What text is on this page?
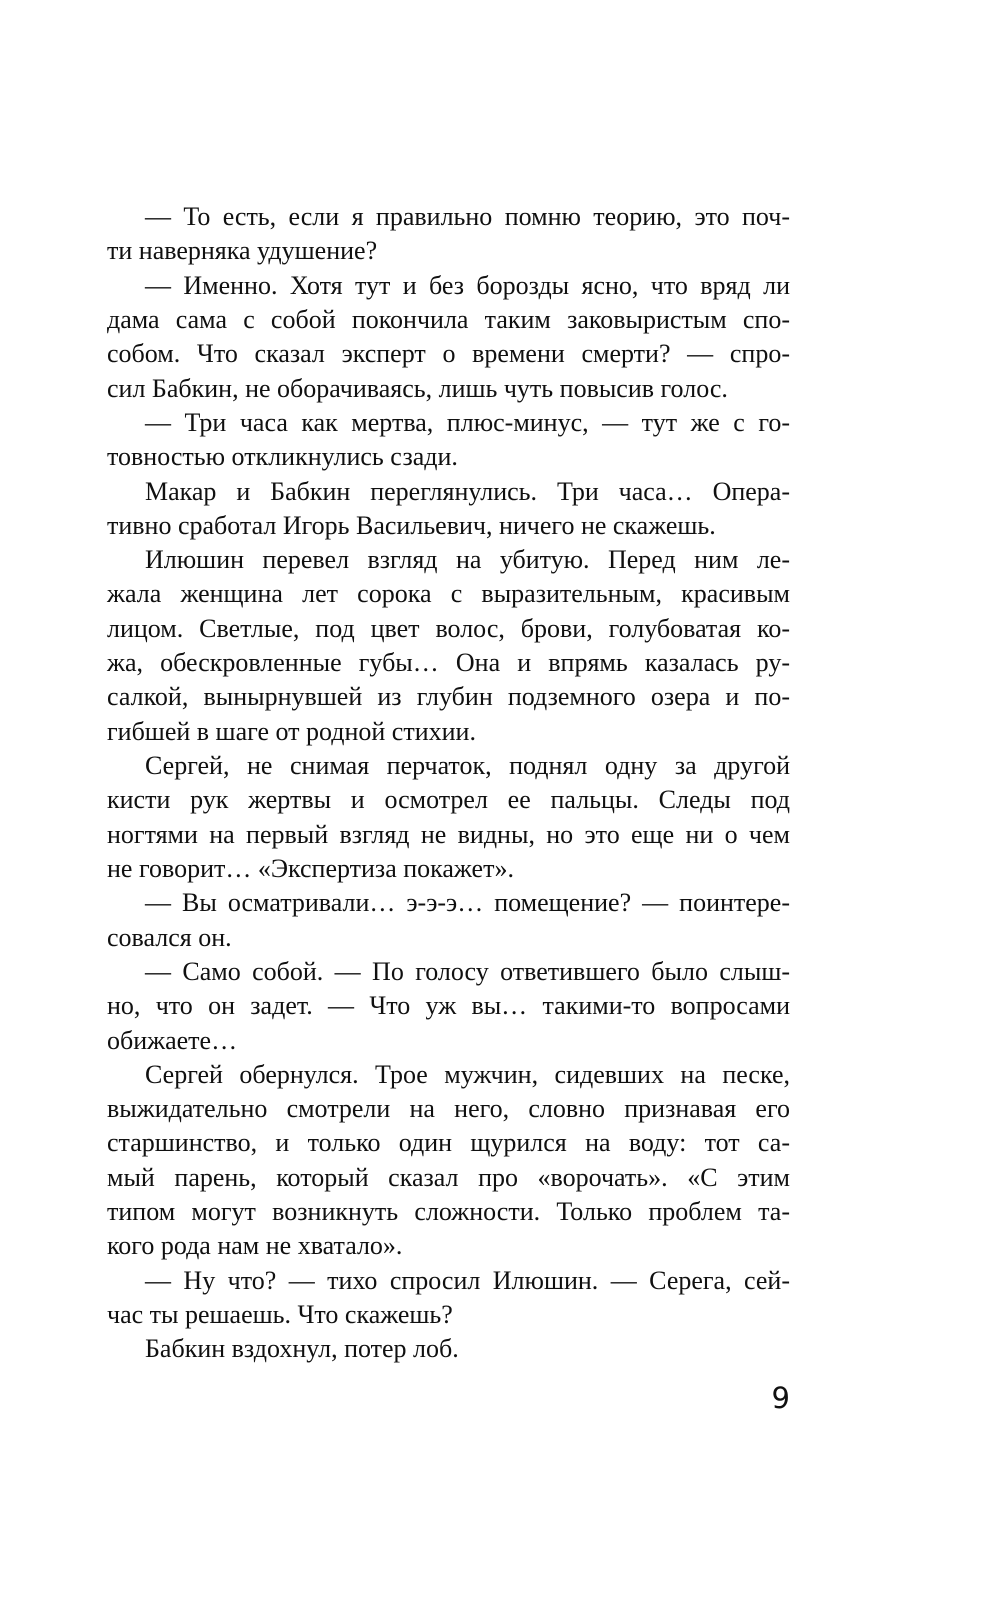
— То есть, если я правильно помню теорию, это поч-
ти наверняка удушение?
— Именно. Хотя тут и без борозды ясно, что вряд ли
дама сама с собой покончила таким заковыристым спо-
собом. Что сказал эксперт о времени смерти? — спро-
сил Бабкин, не оборачиваясь, лишь чуть повысив голос.
— Три часа как мертва, плюс-минус, — тут же с го-
товностью откликнулись сзади.
Макар и Бабкин переглянулись. Три часа… Опера-
тивно сработал Игорь Васильевич, ничего не скажешь.
Илюшин перевел взгляд на убитую. Перед ним ле-
жала женщина лет сорока с выразительным, красивым
лицом. Светлые, под цвет волос, брови, голубоватая ко-
жа, обескровленные губы… Она и впрямь казалась ру-
салкой, вынырнувшей из глубин подземного озера и по-
гибшей в шаге от родной стихии.
Сергей, не снимая перчаток, поднял одну за другой
кисти рук жертвы и осмотрел ее пальцы. Следы под
ногтями на первый взгляд не видны, но это еще ни о чем
не говорит… «Экспертиза покажет».
— Вы осматривали… э-э-э… помещение? — поинтере-
совался он.
— Само собой. — По голосу ответившего было слыш-
но, что он задет. — Что уж вы… такими-то вопросами
обижаете…
Сергей обернулся. Трое мужчин, сидевших на песке,
выжидательно смотрели на него, словно признавая его
старшинство, и только один щурился на воду: тот са-
мый парень, который сказал про «ворочать». «С этим
типом могут возникнуть сложности. Только проблем та-
кого рода нам не хватало».
— Ну что? — тихо спросил Илюшин. — Серега, сей-
час ты решаешь. Что скажешь?
Бабкин вздохнул, потер лоб.
9
